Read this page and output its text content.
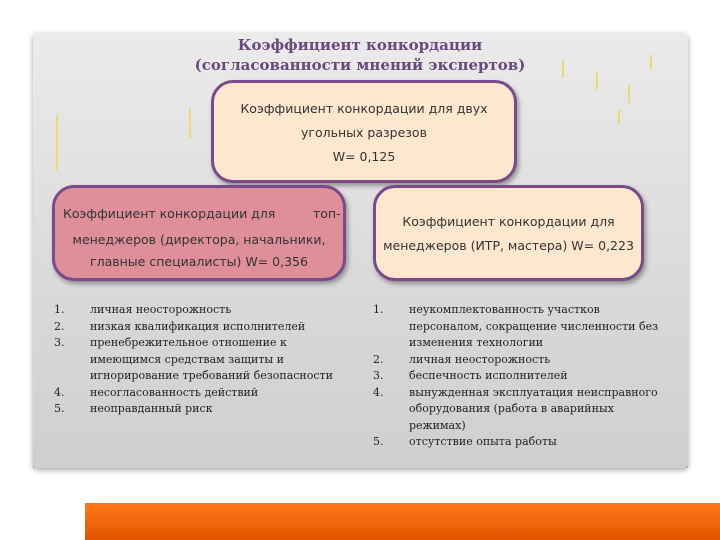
Коэффициент конкордации
(согласованности мнений экспертов)
Коэффициент конкордации для двух
угольных разрезов
W= 0,125
Коэффициент конкордации для	топ-
менеджеров (директора, начальники,
главные специалисты) W= 0,356
Коэффициент конкордации для
менеджеров (ИТР, мастера) W= 0,223
1.	личная неосторожность
2.	низкая квалификация исполнителей
3.	пренебрежительное отношение к имеющимся средствам защиты и игнорирование требований безопасности
4.	несогласованность действий
5.	неоправданный риск
1.	неукомплектованность участков персоналом, сокращение численности без изменения технологии
2.	личная неосторожность
3.	беспечность исполнителей
4.	вынужденная эксплуатация неисправного оборудования (работа в аварийных режимах)
5.	отсутствие опыта работы
